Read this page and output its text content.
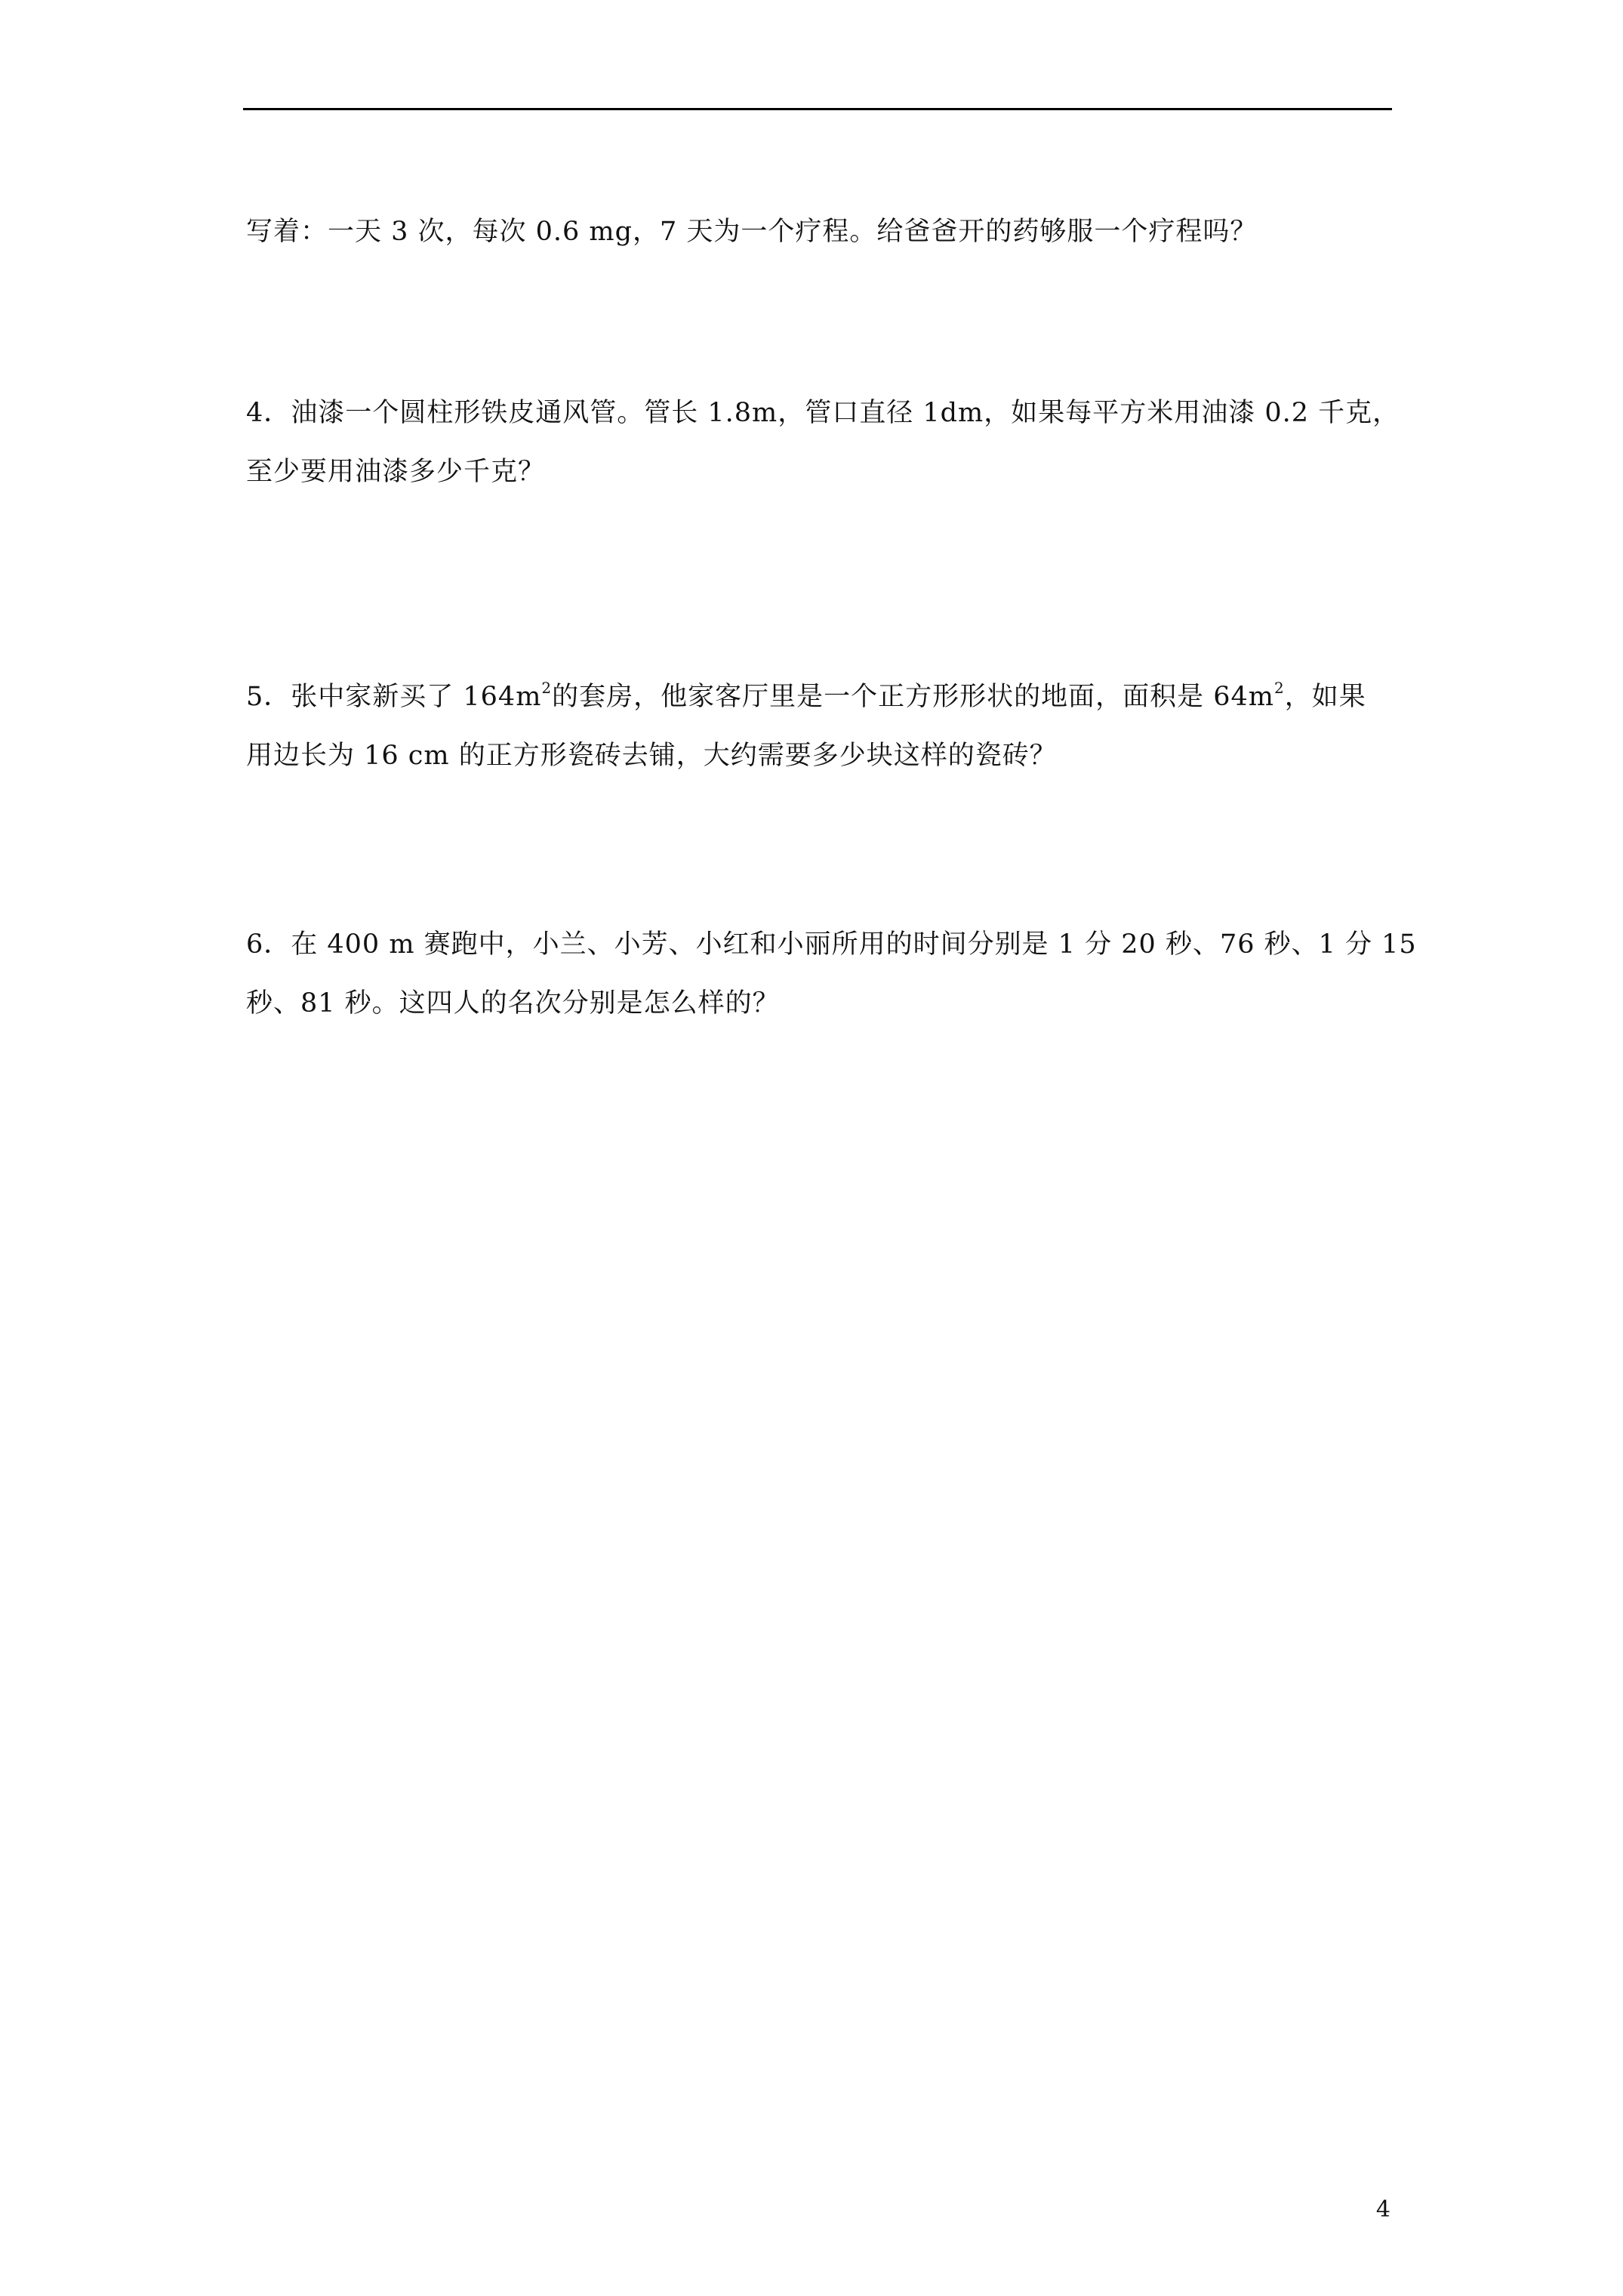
写着：一天 3 次，每次 0.6 mg，7 天为一个疗程。给爸爸开的药够服一个疗程吗？

4．油漆一个圆柱形铁皮通风管。管长 1.8m，管口直径 1dm，如果每平方米用油漆 0.2 千克，
至少要用油漆多少千克？

5．张中家新买了 $164m^2$的套房，他家客厅里是一个正方形形状的地面，面积是 $64m^2$，如果
用边长为 16 cm 的正方形瓷砖去铺，大约需要多少块这样的瓷砖？

6．在 400 m 赛跑中，小兰、小芳、小红和小丽所用的时间分别是 1 分 20 秒、76 秒、1 分 15
秒、81 秒。这四人的名次分别是怎么样的？

4
